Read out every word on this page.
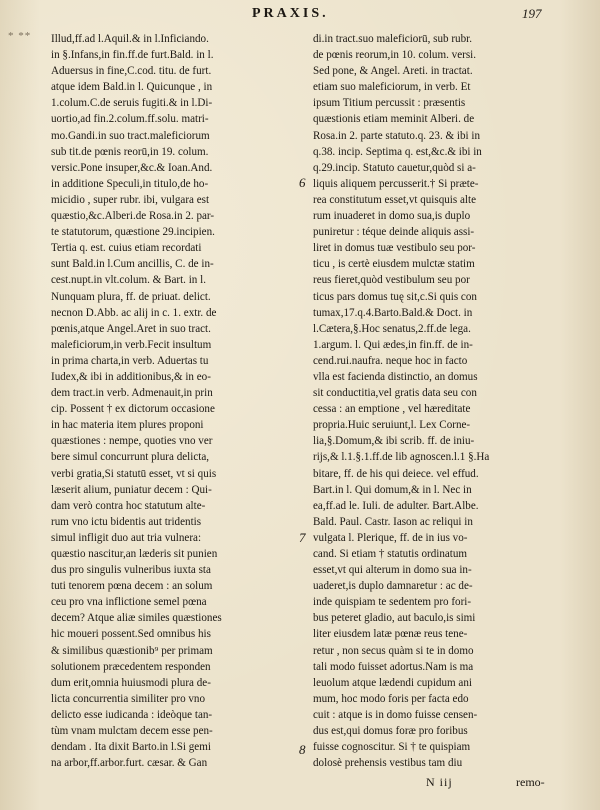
* **
PRAXIS.	197
Illud,ff.ad l.Aquil.& in l.Inficiando.
in §.Infans,in fin.ff.de furt.Bald. in l.
Aduersus in fine,C.cod. titu. de furt.
atque idem Bald.in l. Quicunque , in
1.colum.C.de seruis fugiti.& in l.Di-
uortio,ad fin.2.colum.ff.solu. matri-
mo.Gandi.in suo tract.maleficiorum
sub tit.de pœnis reorū,in 19. colum.
versic.Pone insuper,&c.& Ioan.And.
in additione Speculi,in titulo,de ho-
micidio , super rubr. ibi, vulgara est
quæstio,&c.Alberi.de Rosa.in 2. par-
te statutorum, quæstione 29.incipien.
Tertia q. est. cuius etiam recordati
sunt Bald.in l.Cum ancillis, C. de in-
cest.nupt.in vlt.colum. & Bart. in l.
Nunquam plura, ff. de priuat. delict.
necnon D.Abb. ac alij in c. 1. extr. de
pœnis,atque Angel.Aret in suo tract.
maleficiorum,in verb.Fecit insultum
in prima charta,in verb. Aduertas tu
Iudex,& ibi in additionibus,& in eo-
dem tract.in verb. Admenauit,in prin
cip. Possent † ex dictorum occasione
in hac materia item plures proponi
quæstiones : nempe, quoties vno ver
bere simul concurrunt plura delicta,
verbi gratia,Si statutū esset, vt si quis
læserit alium, puniatur decem : Qui-
dam verò contra hoc statutum alte-
rum vno ictu bidentis aut tridentis
simul infligit duo aut tria vulnera:
quæstio nascitur,an læderis sit punien
dus pro singulis vulneribus iuxta sta
tuti tenorem pœna decem : an solum
ceu pro vna inflictione semel pœna
decem? Atque aliæ similes quæstiones
hic moueri possent.Sed omnibus his
& similibus quæstionib⁹ per primam
solutionem præcedentem responden
dum erit,omnia huiusmodi plura de-
licta concurrentia similiter pro vno
delicto esse iudicanda : ideòque tan-
tùm vnam mulctam decem esse pen-
dendam . Ita dixit Barto.in l.Si gemi
na arbor,ff.arbor.furt. cæsar. & Gan
di.in tract.suo maleficiorū, sub rubr.
de pœnis reorum,in 10. colum. versi.
Sed pone, & Angel. Areti. in tractat.
etiam suo maleficiorum, in verb. Et
ipsum Titium percussit : præsentis
quæstionis etiam meminit Alberi. de
Rosa.in 2. parte statuto.q. 23. & ibi in
q.38. incip. Septima q. est,&c.& ibi in
q.29.incip. Statuto cauetur,quòd si a-
liquis aliquem percusserit.† Si præte-
rea constitutum esset,vt quisquis alte
rum inuaderet in domo sua,is duplo
puniretur : téque deinde aliquis assi-
liret in domus tuæ vestibulo seu por-
ticu , is certè eiusdem mulctæ statim
reus fieret,quòd vestibulum seu por
ticus pars domus tuę sit,c.Si quis con
tumax,17.q.4.Barto.Bald.& Doct. in
l.Cætera,§.Hoc senatus,2.ff.de lega.
1.argum. l. Qui ædes,in fin.ff. de in-
cend.rui.naufra. neque hoc in facto
vlla est facienda distinctio, an domus
sit conductitia,vel gratis data seu con
cessa : an emptione , vel hæreditate
propria.Huic seruiunt,l. Lex Corne-
lia,§.Domum,& ibi scrib. ff. de iniu-
rijs,& l.1.§.1.ff.de lib agnoscen.l.1 §.Ha
bitare, ff. de his qui deiece. vel effud.
Bart.in l. Qui domum,& in l. Nec in
ea,ff.ad le. Iuli. de adulter. Bart.Albe.
Bald. Paul. Castr. Iason ac reliqui in
vulgata l. Plerique, ff. de in ius vo-
cand. Si etiam † statutis ordinatum
esset,vt qui alterum in domo sua in-
uaderet,is duplo damnaretur : ac de-
inde quispiam te sedentem pro fori-
bus peteret gladio, aut baculo,is simi
liter eiusdem latæ pœnæ reus tene-
retur , non secus quàm si te in domo
tali modo fuisset adortus.Nam is ma
leuolum atque lædendi cupidum ani
mum, hoc modo foris per facta edo
cuit : atque is in domo fuisse censen-
dus est,qui domus foræ pro foribus
fuisse cognoscitur. Si † te quispiam
dolosè prehensis vestibus tam diu
6
7
8
N iij	remo-
